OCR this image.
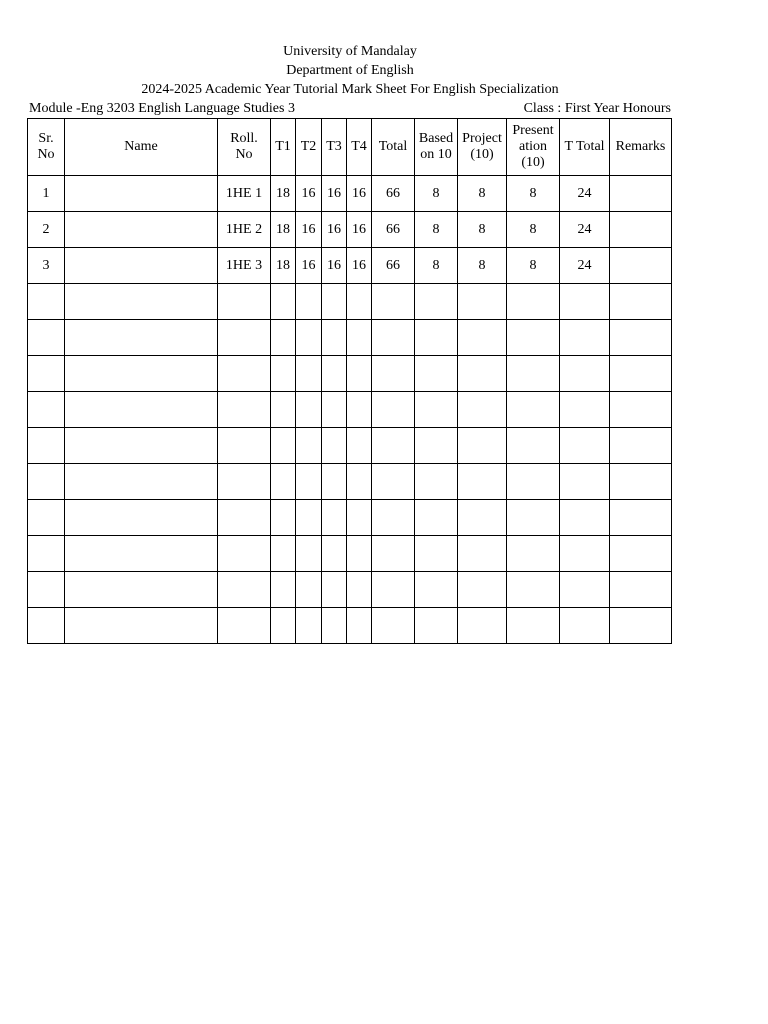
University of Mandalay
Department of English
2024-2025 Academic Year Tutorial Mark Sheet For English Specialization
Module -Eng 3203 English Language Studies 3	Class : First Year Honours
Sr. No	Name	Roll. No	T1	T2	T3	T4	Total	Based on 10	Project (10)	Present ation (10)	T Total	Remarks
1		1HE 1	18	16	16	16	66	8	8	8	24	
2		1HE 2	18	16	16	16	66	8	8	8	24	
3		1HE 3	18	16	16	16	66	8	8	8	24	
